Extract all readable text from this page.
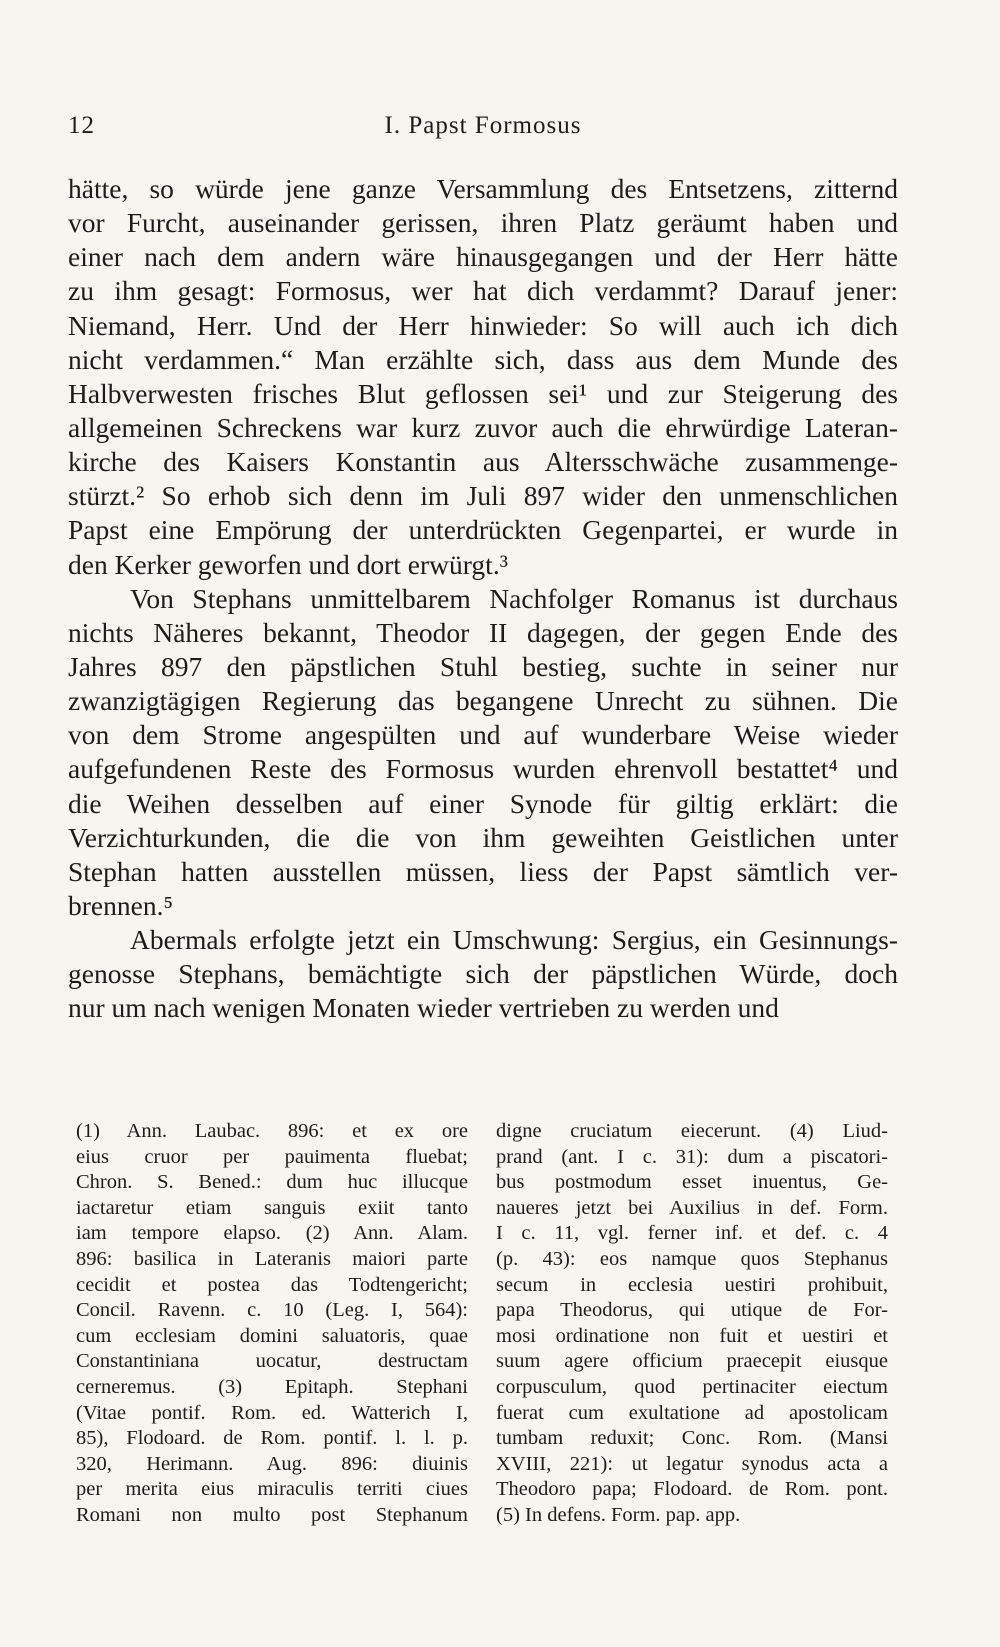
12	I. Papst Formosus
hätte, so würde jene ganze Versammlung des Entsetzens, zitternd
vor Furcht, auseinander gerissen, ihren Platz geräumt haben und
einer nach dem andern wäre hinausgegangen und der Herr hätte
zu ihm gesagt: Formosus, wer hat dich verdammt? Darauf jener:
Niemand, Herr. Und der Herr hinwieder: So will auch ich dich
nicht verdammen.“ Man erzählte sich, dass aus dem Munde des
Halbverwesten frisches Blut geflossen sei¹ und zur Steigerung des
allgemeinen Schreckens war kurz zuvor auch die ehrwürdige Lateran-
kirche des Kaisers Konstantin aus Altersschwäche zusammenge-
stürzt.² So erhob sich denn im Juli 897 wider den unmenschlichen
Papst eine Empörung der unterdrückten Gegenpartei, er wurde in
den Kerker geworfen und dort erwürgt.³
Von Stephans unmittelbarem Nachfolger Romanus ist durchaus
nichts Näheres bekannt, Theodor II dagegen, der gegen Ende des
Jahres 897 den päpstlichen Stuhl bestieg, suchte in seiner nur
zwanzigtägigen Regierung das begangene Unrecht zu sühnen. Die
von dem Strome angespülten und auf wunderbare Weise wieder
aufgefundenen Reste des Formosus wurden ehrenvoll bestattet⁴ und
die Weihen desselben auf einer Synode für giltig erklärt: die
Verzichturkunden, die die von ihm geweihten Geistlichen unter
Stephan hatten ausstellen müssen, liess der Papst sämtlich ver-
brennen.⁵
Abermals erfolgte jetzt ein Umschwung: Sergius, ein Gesinnungs-
genosse Stephans, bemächtigte sich der päpstlichen Würde, doch
nur um nach wenigen Monaten wieder vertrieben zu werden und
(1) Ann. Laubac. 896: et ex ore
eius cruor per pauimenta fluebat;
Chron. S. Bened.: dum huc illucque
iactaretur etiam sanguis exiit tanto
iam tempore elapso. (2) Ann. Alam.
896: basilica in Lateranis maiori parte
cecidit et postea das Todtengericht;
Concil. Ravenn. c. 10 (Leg. I, 564):
cum ecclesiam domini saluatoris, quae
Constantiniana uocatur, destructam
cerneremus. (3) Epitaph. Stephani
(Vitae pontif. Rom. ed. Watterich I,
85), Flodoard. de Rom. pontif. l. l. p.
320, Herimann. Aug. 896: diuinis
per merita eius miraculis territi ciues
Romani non multo post Stephanum
digne cruciatum eiecerunt. (4) Liud-
prand (ant. I c. 31): dum a piscatori-
bus postmodum esset inuentus, Ge-
naueres jetzt bei Auxilius in def. Form.
I c. 11, vgl. ferner inf. et def. c. 4
(p. 43): eos namque quos Stephanus
secum in ecclesia uestiri prohibuit,
papa Theodorus, qui utique de For-
mosi ordinatione non fuit et uestiri et
suum agere officium praecepit eiusque
corpusculum, quod pertinaciter eiectum
fuerat cum exultatione ad apostolicam
tumbam reduxit; Conc. Rom. (Mansi
XVIII, 221): ut legatur synodus acta a
Theodoro papa; Flodoard. de Rom. pont.
(5) In defens. Form. pap. app.
